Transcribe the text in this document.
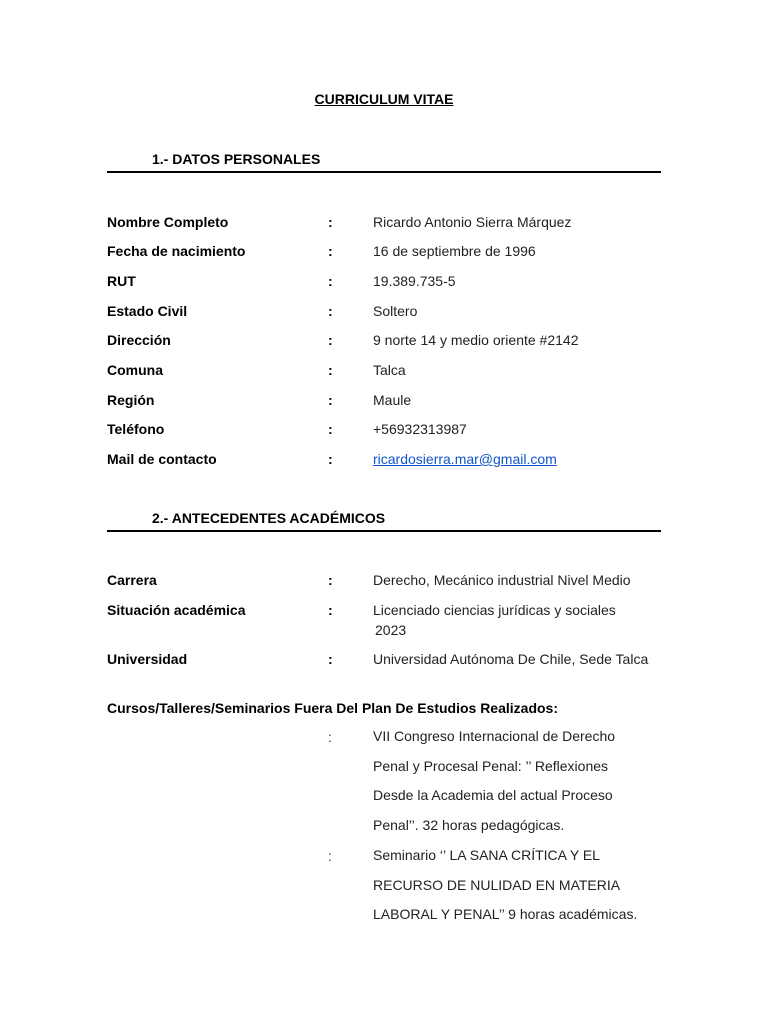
CURRICULUM VITAE
1.- DATOS PERSONALES
Nombre Completo	:	Ricardo Antonio Sierra Márquez
Fecha de nacimiento	:	16 de septiembre de 1996
RUT	:	19.389.735-5
Estado Civil	:	Soltero
Dirección	:	9 norte 14 y medio oriente #2142
Comuna	:	Talca
Región	:	Maule
Teléfono	:	+56932313987
Mail de contacto	:	ricardosierra.mar@gmail.com
2.- ANTECEDENTES ACADÉMICOS
Carrera	:	Derecho, Mecánico industrial Nivel Medio
Situación académica	:	Licenciado ciencias jurídicas y sociales
2023
Universidad	:	Universidad Autónoma De Chile, Sede Talca
Cursos/Talleres/Seminarios Fuera Del Plan De Estudios Realizados:
:	VII Congreso Internacional de Derecho
Penal y Procesal Penal: ’’ Reflexiones
Desde la Academia del actual Proceso
Penal’’. 32 horas pedagógicas.
:	Seminario ‘’ LA SANA CRÍTICA Y EL
RECURSO DE NULIDAD EN MATERIA
LABORAL Y PENAL’’ 9 horas académicas.
